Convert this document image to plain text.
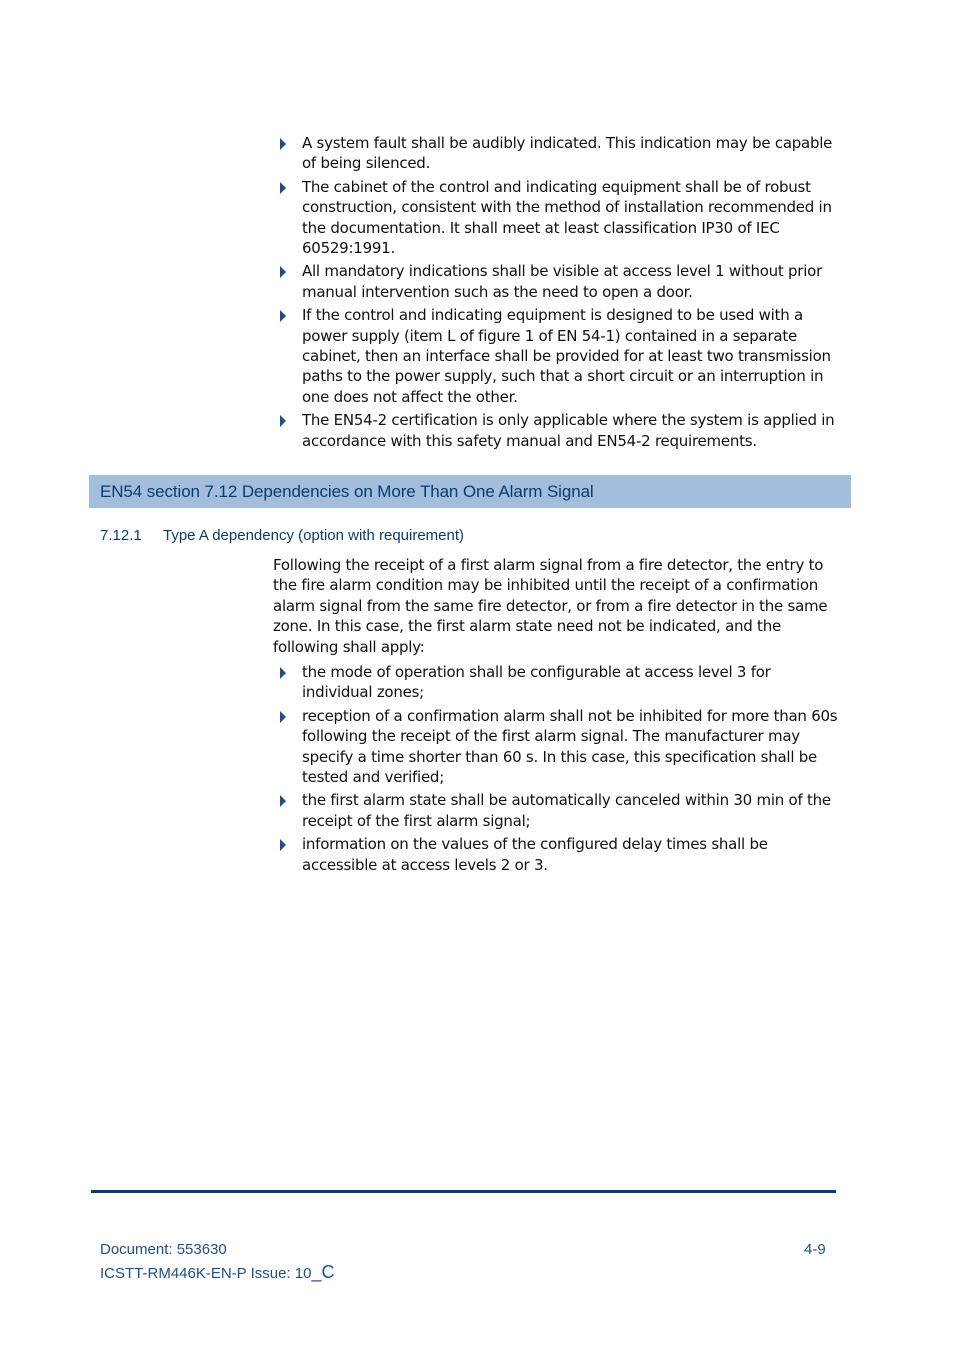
A system fault shall be audibly indicated. This indication may be capable of being silenced.
The cabinet of the control and indicating equipment shall be of robust construction, consistent with the method of installation recommended in the documentation. It shall meet at least classification IP30 of IEC 60529:1991.
All mandatory indications shall be visible at access level 1 without prior manual intervention such as the need to open a door.
If the control and indicating equipment is designed to be used with a power supply (item L of figure 1 of EN 54-1) contained in a separate cabinet, then an interface shall be provided for at least two transmission paths to the power supply, such that a short circuit or an interruption in one does not affect the other.
The EN54-2 certification is only applicable where the system is applied in accordance with this safety manual and EN54-2 requirements.
EN54 section 7.12 Dependencies on More Than One Alarm Signal
7.12.1 Type A dependency (option with requirement)

Following the receipt of a first alarm signal from a fire detector, the entry to the fire alarm condition may be inhibited until the receipt of a confirmation alarm signal from the same fire detector, or from a fire detector in the same zone. In this case, the first alarm state need not be indicated, and the following shall apply:

the mode of operation shall be configurable at access level 3 for individual zones;
reception of a confirmation alarm shall not be inhibited for more than 60s following the receipt of the first alarm signal. The manufacturer may specify a time shorter than 60 s. In this case, this specification shall be tested and verified;
the first alarm state shall be automatically canceled within 30 min of the receipt of the first alarm signal;
information on the values of the configured delay times shall be accessible at access levels 2 or 3.
Document: 553630
ICSTT-RM446K-EN-P Issue: 10_C
4-9
